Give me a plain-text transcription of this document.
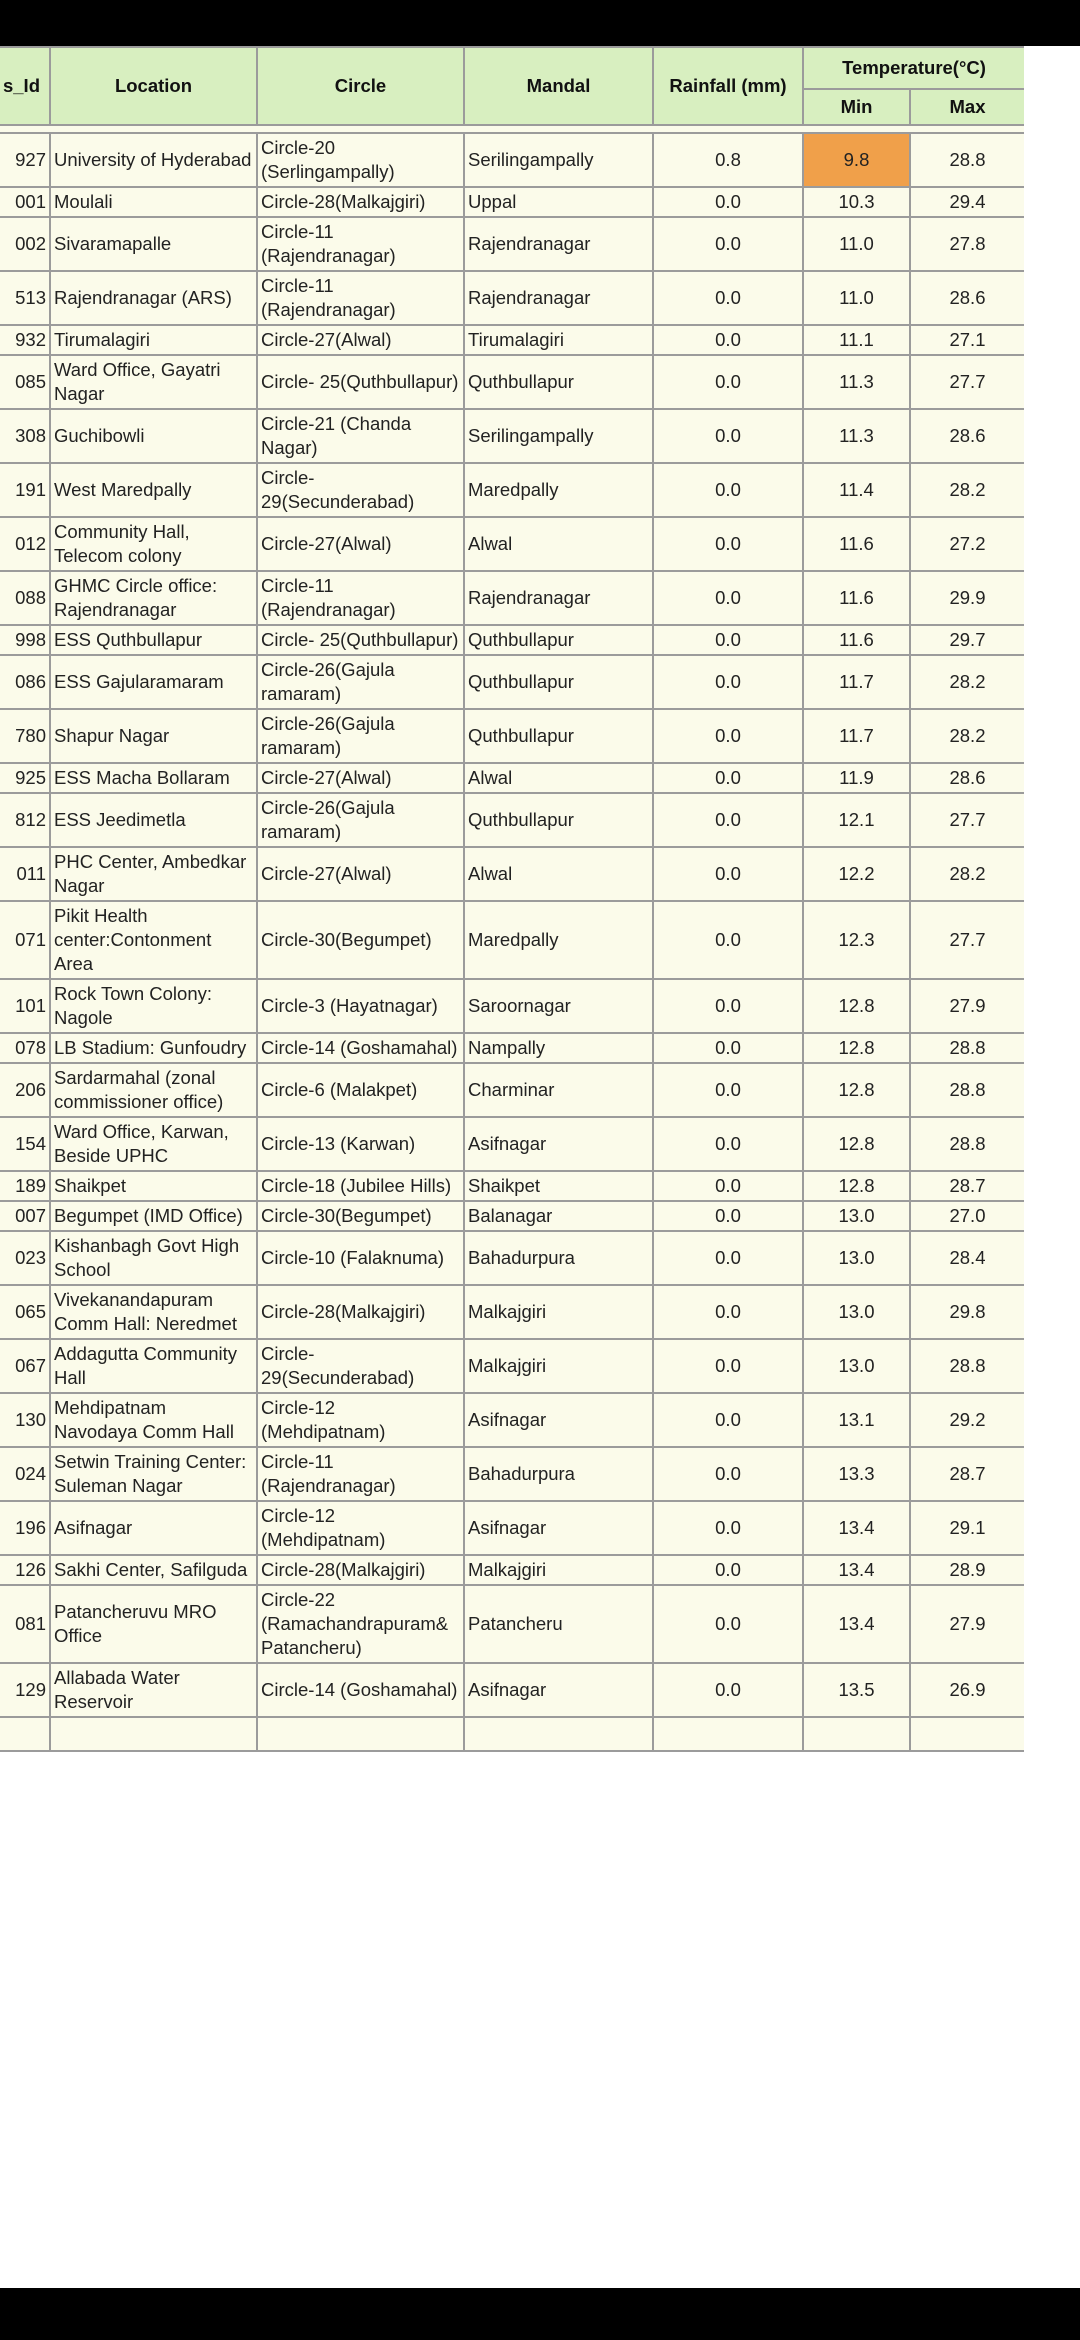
s_Id	Location	Circle	Mandal	Rainfall (mm)	Temperature(°C)	
					Min	Max

927	University of Hyderabad	Circle-20 (Serlingampally)	Serilingampally	0.8	9.8	28.8
001	Moulali	Circle-28(Malkajgiri)	Uppal	0.0	10.3	29.4
002	Sivaramapalle	Circle-11 (Rajendranagar)	Rajendranagar	0.0	11.0	27.8
513	Rajendranagar (ARS)	Circle-11 (Rajendranagar)	Rajendranagar	0.0	11.0	28.6
932	Tirumalagiri	Circle-27(Alwal)	Tirumalagiri	0.0	11.1	27.1
085	Ward Office, Gayatri Nagar	Circle- 25(Quthbullapur)	Quthbullapur	0.0	11.3	27.7
308	Guchibowli	Circle-21 (Chanda Nagar)	Serilingampally	0.0	11.3	28.6
191	West Maredpally	Circle- 29(Secunderabad)	Maredpally	0.0	11.4	28.2
012	Community Hall, Telecom colony	Circle-27(Alwal)	Alwal	0.0	11.6	27.2
088	GHMC Circle office: Rajendranagar	Circle-11 (Rajendranagar)	Rajendranagar	0.0	11.6	29.9
998	ESS Quthbullapur	Circle- 25(Quthbullapur)	Quthbullapur	0.0	11.6	29.7
086	ESS Gajularamaram	Circle-26(Gajula ramaram)	Quthbullapur	0.0	11.7	28.2
780	Shapur Nagar	Circle-26(Gajula ramaram)	Quthbullapur	0.0	11.7	28.2
925	ESS Macha Bollaram	Circle-27(Alwal)	Alwal	0.0	11.9	28.6
812	ESS Jeedimetla	Circle-26(Gajula ramaram)	Quthbullapur	0.0	12.1	27.7
011	PHC Center, Ambedkar Nagar	Circle-27(Alwal)	Alwal	0.0	12.2	28.2
071	Pikit Health center:Contonment Area	Circle-30(Begumpet)	Maredpally	0.0	12.3	27.7
101	Rock Town Colony: Nagole	Circle-3 (Hayatnagar)	Saroornagar	0.0	12.8	27.9
078	LB Stadium: Gunfoudry	Circle-14 (Goshamahal)	Nampally	0.0	12.8	28.8
206	Sardarmahal (zonal commissioner office)	Circle-6 (Malakpet)	Charminar	0.0	12.8	28.8
154	Ward Office, Karwan, Beside UPHC	Circle-13 (Karwan)	Asifnagar	0.0	12.8	28.8
189	Shaikpet	Circle-18 (Jubilee Hills)	Shaikpet	0.0	12.8	28.7
007	Begumpet (IMD Office)	Circle-30(Begumpet)	Balanagar	0.0	13.0	27.0
023	Kishanbagh Govt High School	Circle-10 (Falaknuma)	Bahadurpura	0.0	13.0	28.4
065	Vivekanandapuram Comm Hall: Neredmet	Circle-28(Malkajgiri)	Malkajgiri	0.0	13.0	29.8
067	Addagutta Community Hall	Circle- 29(Secunderabad)	Malkajgiri	0.0	13.0	28.8
130	Mehdipatnam Navodaya Comm Hall	Circle-12 (Mehdipatnam)	Asifnagar	0.0	13.1	29.2
024	Setwin Training Center: Suleman Nagar	Circle-11 (Rajendranagar)	Bahadurpura	0.0	13.3	28.7
196	Asifnagar	Circle-12 (Mehdipatnam)	Asifnagar	0.0	13.4	29.1
126	Sakhi Center, Safilguda	Circle-28(Malkajgiri)	Malkajgiri	0.0	13.4	28.9
081	Patancheruvu MRO Office	Circle-22 (Ramachandrapuram& Patancheru)	Patancheru	0.0	13.4	27.9
129	Allabada Water Reservoir	Circle-14 (Goshamahal)	Asifnagar	0.0	13.5	26.9
